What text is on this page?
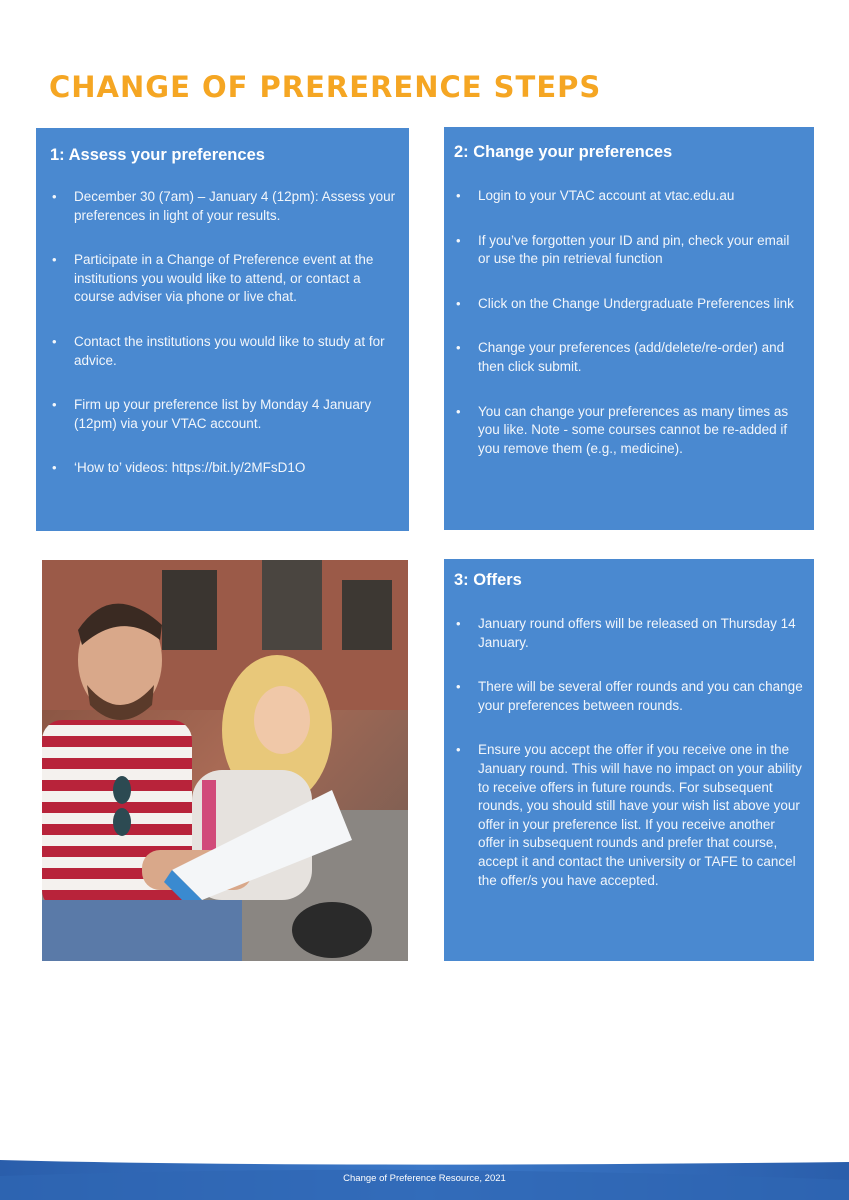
CHANGE OF PRERERENCE STEPS
1: Assess your preferences
• December 30 (7am) – January 4 (12pm): Assess your preferences in light of your results.
• Participate in a Change of Preference event at the institutions you would like to attend, or contact a course adviser via phone or live chat.
• Contact the institutions you would like to study at for advice.
• Firm up your preference list by Monday 4 January (12pm) via your VTAC account.
• ‘How to’ videos: https://bit.ly/2MFsD1O
2: Change your preferences
• Login to your VTAC account at vtac.edu.au
• If you’ve forgotten your ID and pin, check your email or use the pin retrieval function
• Click on the Change Undergraduate Preferences link
• Change your preferences (add/delete/re-order) and then click submit.
• You can change your preferences as many times as you like. Note - some courses cannot be re-added if you remove them (e.g., medicine).
3: Offers
• January round offers will be released on Thursday 14 January.
• There will be several offer rounds and you can change your preferences between rounds.
• Ensure you accept the offer if you receive one in the January round. This will have no impact on your ability to receive offers in future rounds. For subsequent rounds, you should still have your wish list above your offer in your preference list. If you receive another offer in subsequent rounds and prefer that course, accept it and contact the university or TAFE to cancel the offer/s you have accepted.
Change of Preference Resource, 2021
